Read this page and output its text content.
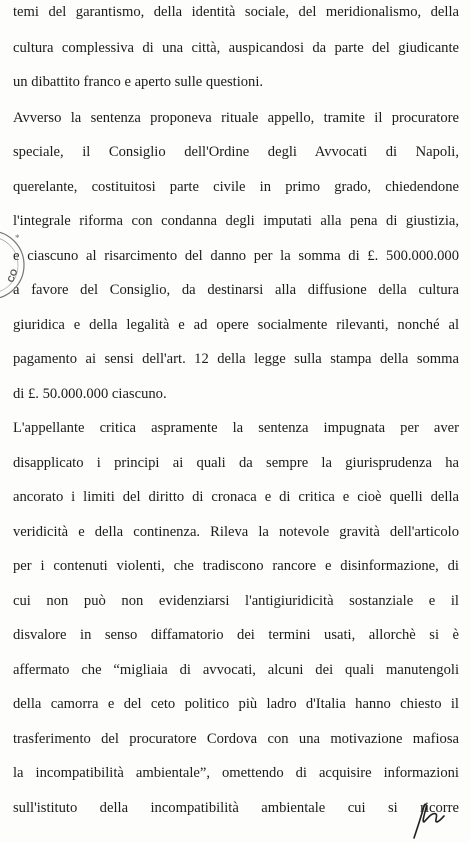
temi del garantismo, della identità sociale, del meridionalismo, della
cultura complessiva di una città, auspicandosi da parte del giudicante
un dibattito franco e aperto sulle questioni.
Avverso la sentenza proponeva rituale appello, tramite il procuratore
speciale, il Consiglio dell'Ordine degli Avvocati di Napoli,
querelante, costituitosi parte civile in primo grado, chiedendone
l'integrale riforma con condanna degli imputati alla pena di giustizia,
e ciascuno al risarcimento del danno per la somma di £. 500.000.000
a favore del Consiglio, da destinarsi alla diffusione della cultura
giuridica e della legalità e ad opere socialmente rilevanti, nonché al
pagamento ai sensi dell'art. 12 della legge sulla stampa della somma
di £. 50.000.000 ciascuno.
L'appellante critica aspramente la sentenza impugnata per aver
disapplicato i principi ai quali da sempre la giurisprudenza ha
ancorato i limiti del diritto di cronaca e di critica e cioè quelli della
veridicità e della continenza. Rileva la notevole gravità dell'articolo
per i contenuti violenti, che tradiscono rancore e disinformazione, di
cui non può non evidenziarsi l'antigiuridicità sostanziale e il
disvalore in senso diffamatorio dei termini usati, allorchè si è
affermato che “migliaia di avvocati, alcuni dei quali manutengoli
della camorra e del ceto politico più ladro d'Italia hanno chiesto il
trasferimento del procuratore Cordova con una motivazione mafiosa
la incompatibilità ambientale”, omettendo di acquisire informazioni
sull'istituto della incompatibilità ambientale cui si ricorre
*
CO
